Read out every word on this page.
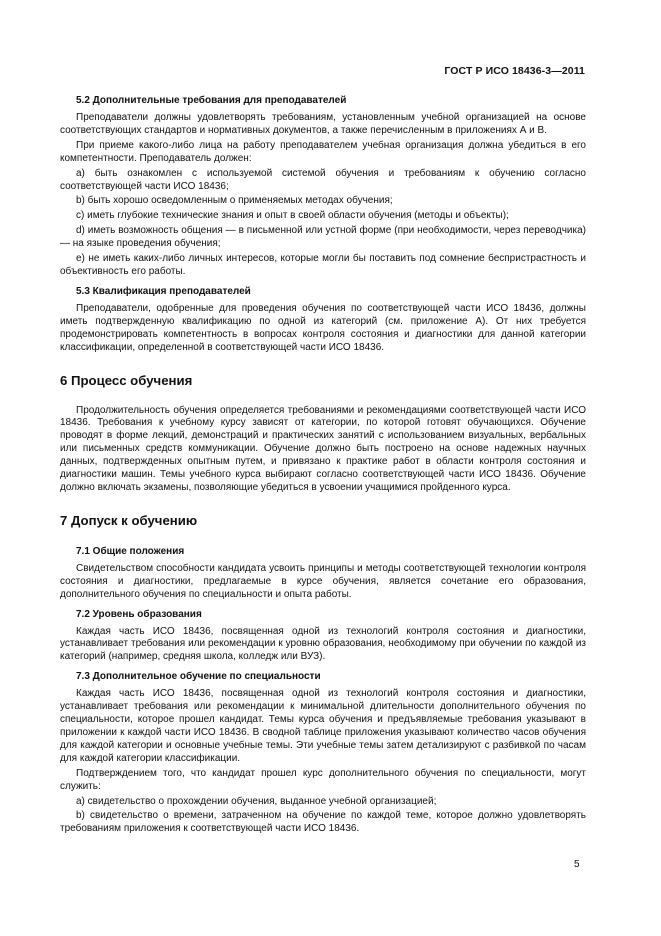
ГОСТ Р ИСО 18436-3—2011
5.2 Дополнительные требования для преподавателей

Преподаватели должны удовлетворять требованиям, установленным учебной организацией на основе соответствующих стандартов и нормативных документов, а также перечисленным в приложениях А и В.

При приеме какого-либо лица на работу преподавателем учебная организация должна убедиться в его компетентности. Преподаватель должен:

а) быть ознакомлен с используемой системой обучения и требованиям к обучению согласно соответствующей части ИСО 18436;

b) быть хорошо осведомленным о применяемых методах обучения;

с) иметь глубокие технические знания и опыт в своей области обучения (методы и объекты);

d) иметь возможность общения — в письменной или устной форме (при необходимости, через переводчика) — на языке проведения обучения;

е) не иметь каких-либо личных интересов, которые могли бы поставить под сомнение беспристрастность и объективность его работы.

5.3 Квалификация преподавателей

Преподаватели, одобренные для проведения обучения по соответствующей части ИСО 18436, должны иметь подтвержденную квалификацию по одной из категорий (см. приложение А). От них требуется продемонстрировать компетентность в вопросах контроля состояния и диагностики для данной категории классификации, определенной в соответствующей части ИСО 18436.

6 Процесс обучения

Продолжительность обучения определяется требованиями и рекомендациями соответствующей части ИСО 18436. Требования к учебному курсу зависят от категории, по которой готовят обучающихся. Обучение проводят в форме лекций, демонстраций и практических занятий с использованием визуальных, вербальных или письменных средств коммуникации. Обучение должно быть построено на основе надежных научных данных, подтвержденных опытным путем, и привязано к практике работ в области контроля состояния и диагностики машин. Темы учебного курса выбирают согласно соответствующей части ИСО 18436. Обучение должно включать экзамены, позволяющие убедиться в усвоении учащимися пройденного курса.

7 Допуск к обучению
7.1 Общие положения

Свидетельством способности кандидата усвоить принципы и методы соответствующей технологии контроля состояния и диагностики, предлагаемые в курсе обучения, является сочетание его образования, дополнительного обучения по специальности и опыта работы.

7.2 Уровень образования

Каждая часть ИСО 18436, посвященная одной из технологий контроля состояния и диагностики, устанавливает требования или рекомендации к уровню образования, необходимому при обучении по каждой из категорий (например, средняя школа, колледж или ВУЗ).

7.3 Дополнительное обучение по специальности

Каждая часть ИСО 18436, посвященная одной из технологий контроля состояния и диагностики, устанавливает требования или рекомендации к минимальной длительности дополнительного обучения по специальности, которое прошел кандидат. Темы курса обучения и предъявляемые требования указывают в приложении к каждой части ИСО 18436. В сводной таблице приложения указывают количество часов обучения для каждой категории и основные учебные темы. Эти учебные темы затем детализируют с разбивкой по часам для каждой категории классификации.

Подтверждением того, что кандидат прошел курс дополнительного обучения по специальности, могут служить:

а) свидетельство о прохождении обучения, выданное учебной организацией;

b) свидетельство о времени, затраченном на обучение по каждой теме, которое должно удовлетворять требованиям приложения к соответствующей части ИСО 18436.

5
